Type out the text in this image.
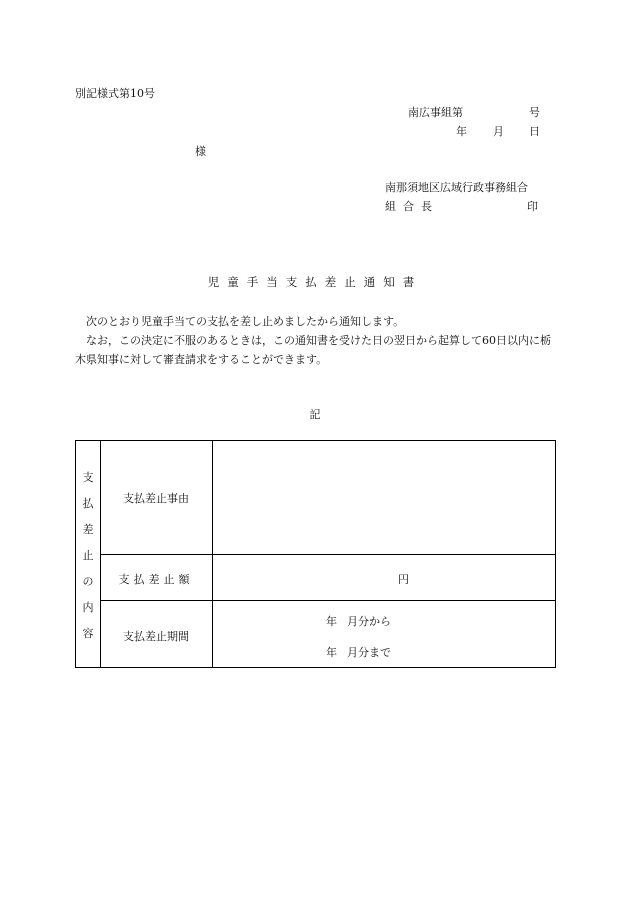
別記様式第10号
南広事組第	号
年 月 日
様
南那須地区広域行政事務組合
組合長	印
児童手当支払差止通知書
次のとおり児童手当ての支払を差し止めましたから通知します。
なお，この決定に不服のあるときは，この通知書を受けた日の翌日から起算して60日以内に栃木県知事に対して審査請求をすることができます。
記
支
払
差
止
の
内
容
支払差止事由
支払差止額
支払差止期間
円
年 月分から
年 月分まで
